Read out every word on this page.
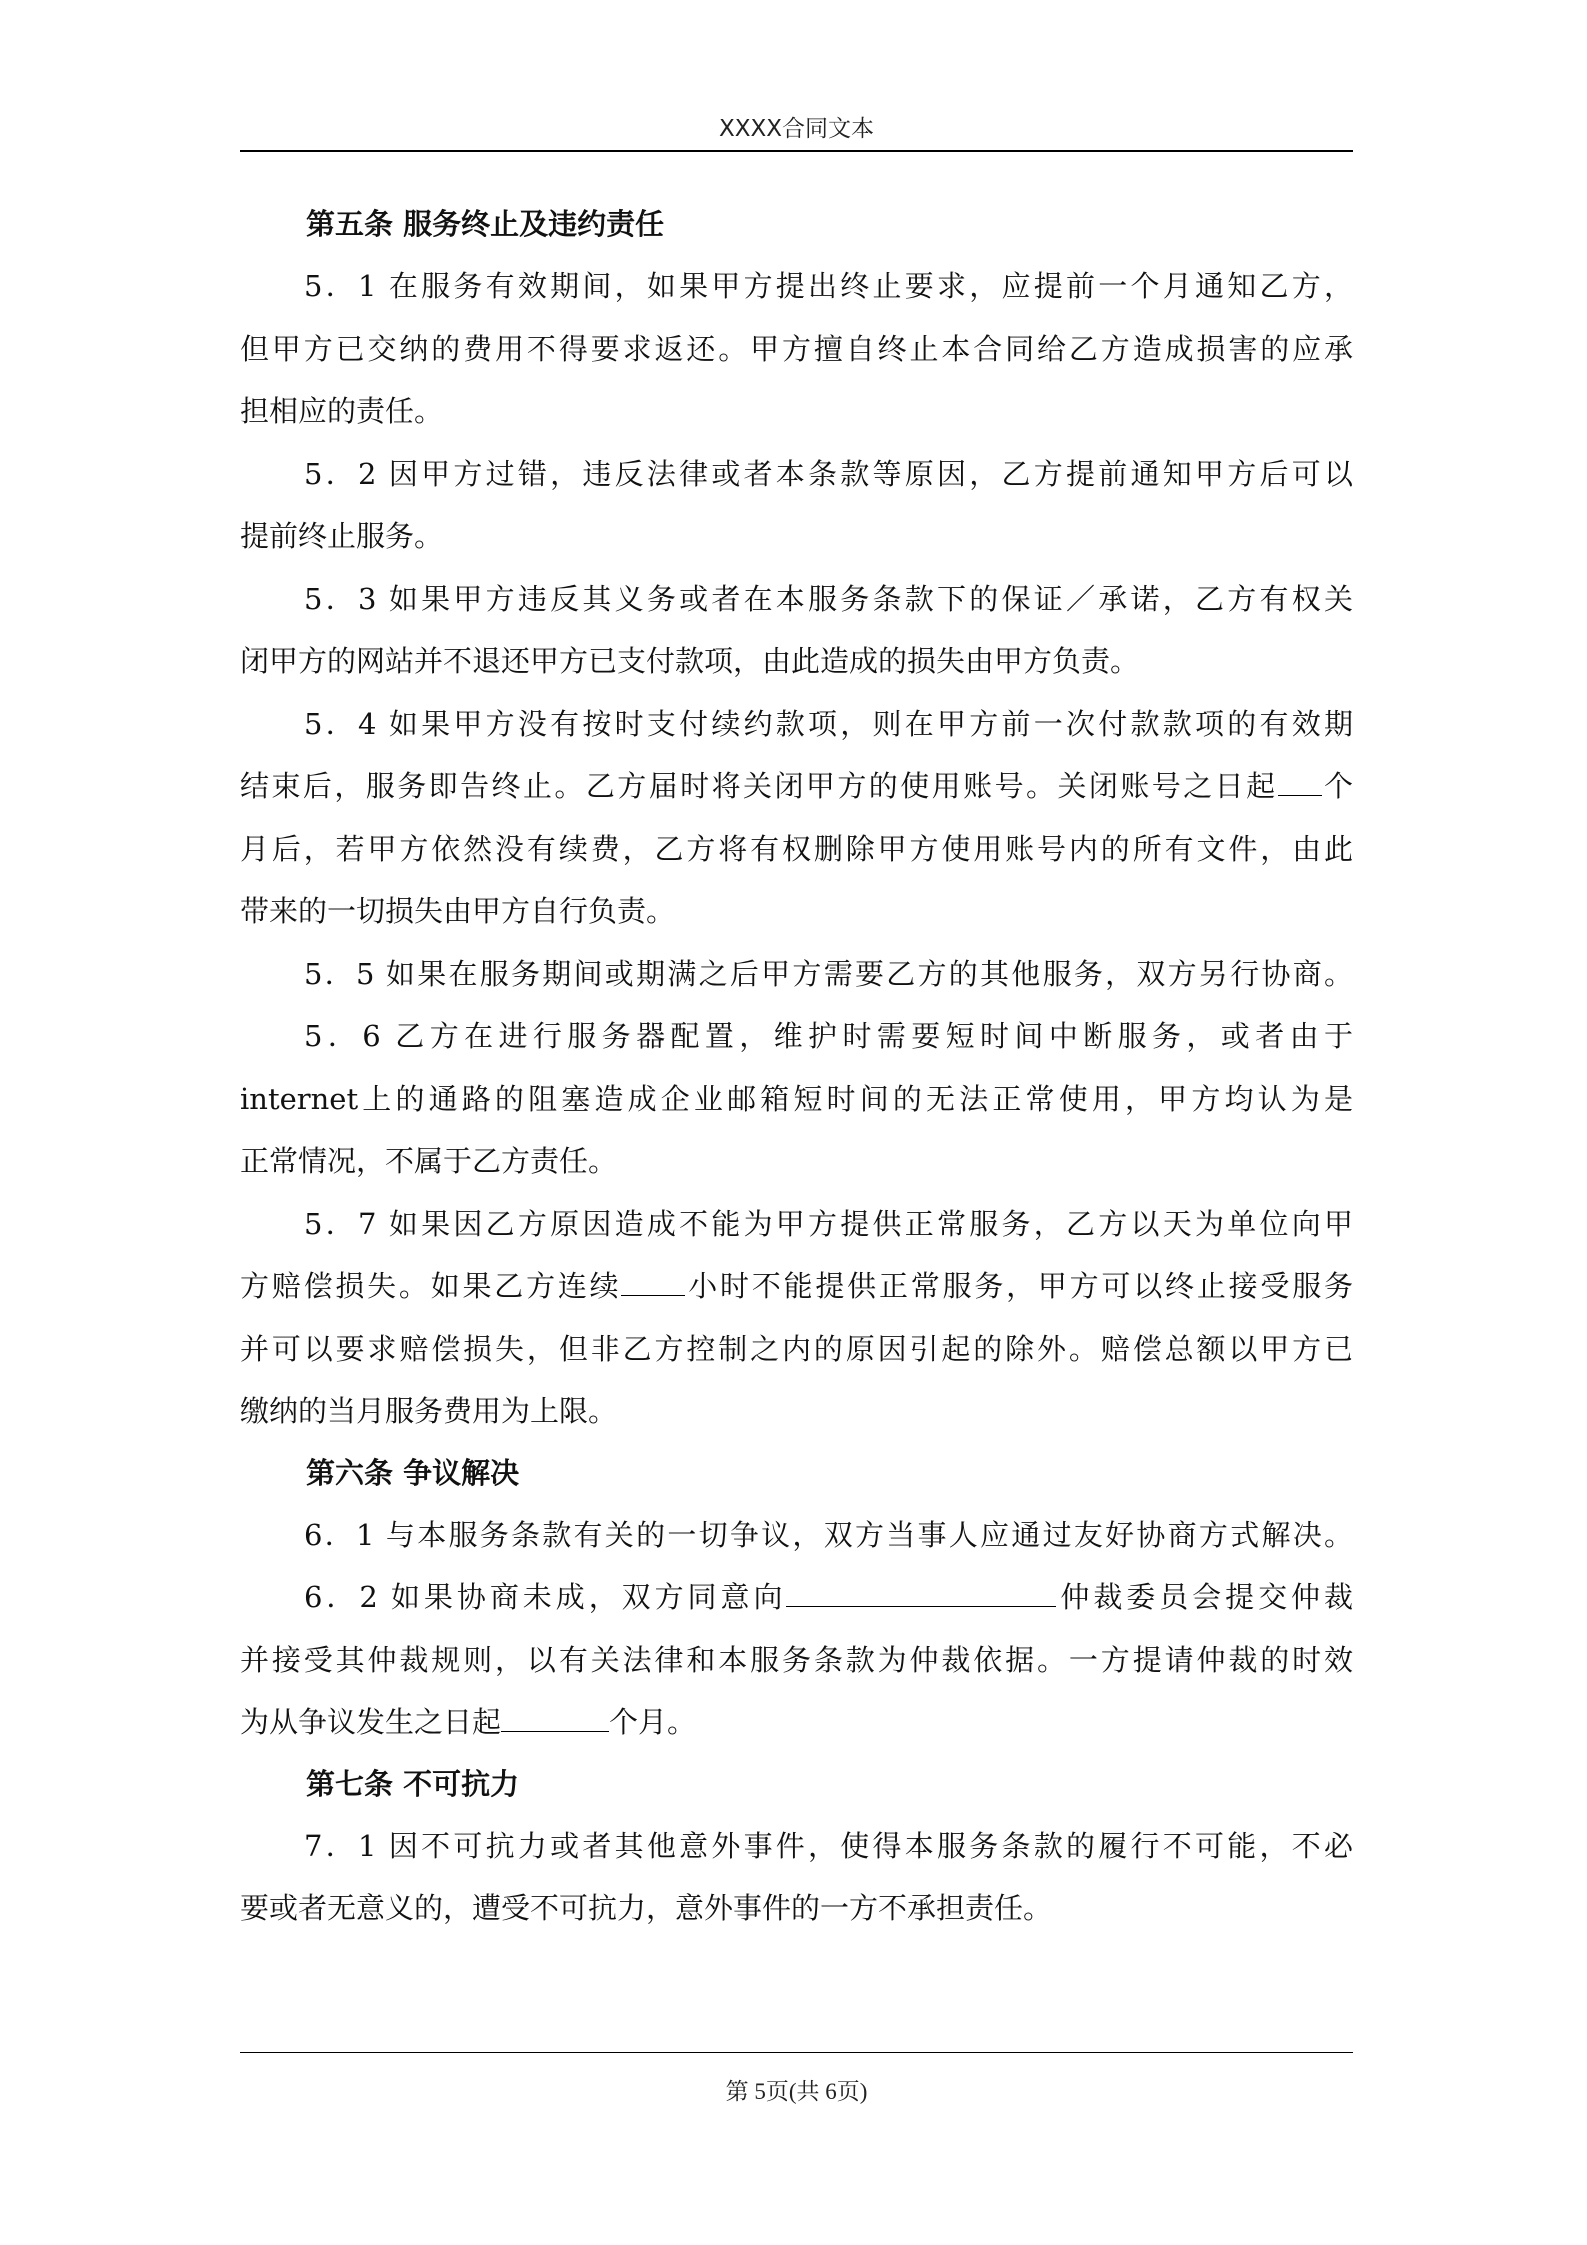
XXXX合同文本
第五条 服务终止及违约责任
5．1 在服务有效期间，如果甲方提出终止要求，应提前一个月通知乙方，
但甲方已交纳的费用不得要求返还。甲方擅自终止本合同给乙方造成损害的应承
担相应的责任。
5．2 因甲方过错，违反法律或者本条款等原因，乙方提前通知甲方后可以
提前终止服务。
5．3 如果甲方违反其义务或者在本服务条款下的保证／承诺，乙方有权关
闭甲方的网站并不退还甲方已支付款项，由此造成的损失由甲方负责。
5．4 如果甲方没有按时支付续约款项，则在甲方前一次付款款项的有效期
结束后，服务即告终止。乙方届时将关闭甲方的使用账号。关闭账号之日起 个
月后，若甲方依然没有续费，乙方将有权删除甲方使用账号内的所有文件，由此
带来的一切损失由甲方自行负责。
5．5 如果在服务期间或期满之后甲方需要乙方的其他服务，双方另行协商。
5．6 乙方在进行服务器配置，维护时需要短时间中断服务，或者由于
internet上的通路的阻塞造成企业邮箱短时间的无法正常使用，甲方均认为是
正常情况，不属于乙方责任。
5．7 如果因乙方原因造成不能为甲方提供正常服务，乙方以天为单位向甲
方赔偿损失。如果乙方连续 小时不能提供正常服务，甲方可以终止接受服务
并可以要求赔偿损失，但非乙方控制之内的原因引起的除外。赔偿总额以甲方已
缴纳的当月服务费用为上限。
第六条 争议解决
6．1 与本服务条款有关的一切争议，双方当事人应通过友好协商方式解决。
6．2 如果协商未成，双方同意向	仲裁委员会提交仲裁
并接受其仲裁规则，以有关法律和本服务条款为仲裁依据。一方提请仲裁的时效
为从争议发生之日起	个月。
第七条 不可抗力
7．1 因不可抗力或者其他意外事件，使得本服务条款的履行不可能，不必
要或者无意义的，遭受不可抗力，意外事件的一方不承担责任。
第 5页(共 6页)
